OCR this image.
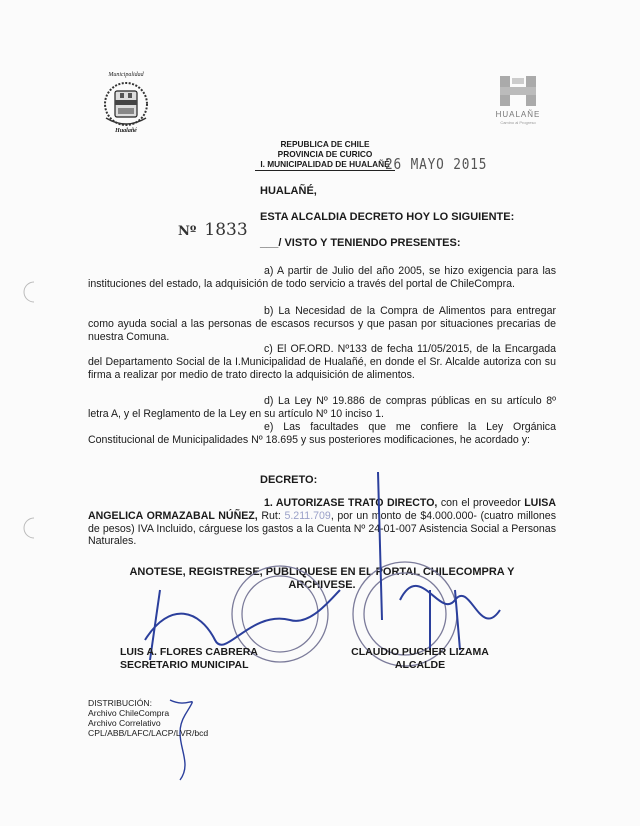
Municipalidad
Hualañé
HUALAÑE
Camino al Progreso
REPUBLICA DE CHILE
PROVINCIA DE CURICO
I. MUNICIPALIDAD DE HUALAÑÉ
26 MAYO 2015
HUALAÑÉ,
ESTA ALCALDIA DECRETO HOY LO SIGUIENTE:
Nº 1833
___/ VISTO Y TENIENDO PRESENTES:
a) A partir de Julio del año 2005, se hizo exigencia para las instituciones del estado, la adquisición de todo servicio a través del portal de ChileCompra.
b) La Necesidad de la Compra de Alimentos para entregar como ayuda social a las personas de escasos recursos y que pasan por situaciones precarias de nuestra Comuna.
c) El OF.ORD. Nº133 de fecha 11/05/2015, de la Encargada del Departamento Social de la I.Municipalidad de Hualañé, en donde el Sr. Alcalde autoriza con su firma a realizar por medio de trato directo la adquisición de alimentos.
d) La Ley Nº 19.886 de compras públicas en su artículo 8º letra A, y el Reglamento de la Ley en su artículo Nº 10 inciso 1.
e) Las facultades que me confiere la Ley Orgánica Constitucional de Municipalidades Nº 18.695 y sus posteriores modificaciones, he acordado y:
DECRETO:
1. AUTORIZASE TRATO DIRECTO, con el proveedor LUISA ANGELICA ORMAZABAL NÚÑEZ, Rut: 5.211.709, por un monto de $4.000.000- (cuatro millones de pesos) IVA Incluido, cárguese los gastos a la Cuenta Nº 24-01-007 Asistencia Social a Personas Naturales.
ANOTESE, REGISTRESE, PUBLIQUESE EN EL PORTAL CHILECOMPRA Y
ARCHIVESE.
LUIS A. FLORES CABRERA
SECRETARIO MUNICIPAL
CLAUDIO PUCHER LIZAMA
ALCALDE
DISTRIBUCIÓN:
Archivo ChileCompra
Archivo Correlativo
CPL/ABB/LAFC/LACP/LVR/bcd
